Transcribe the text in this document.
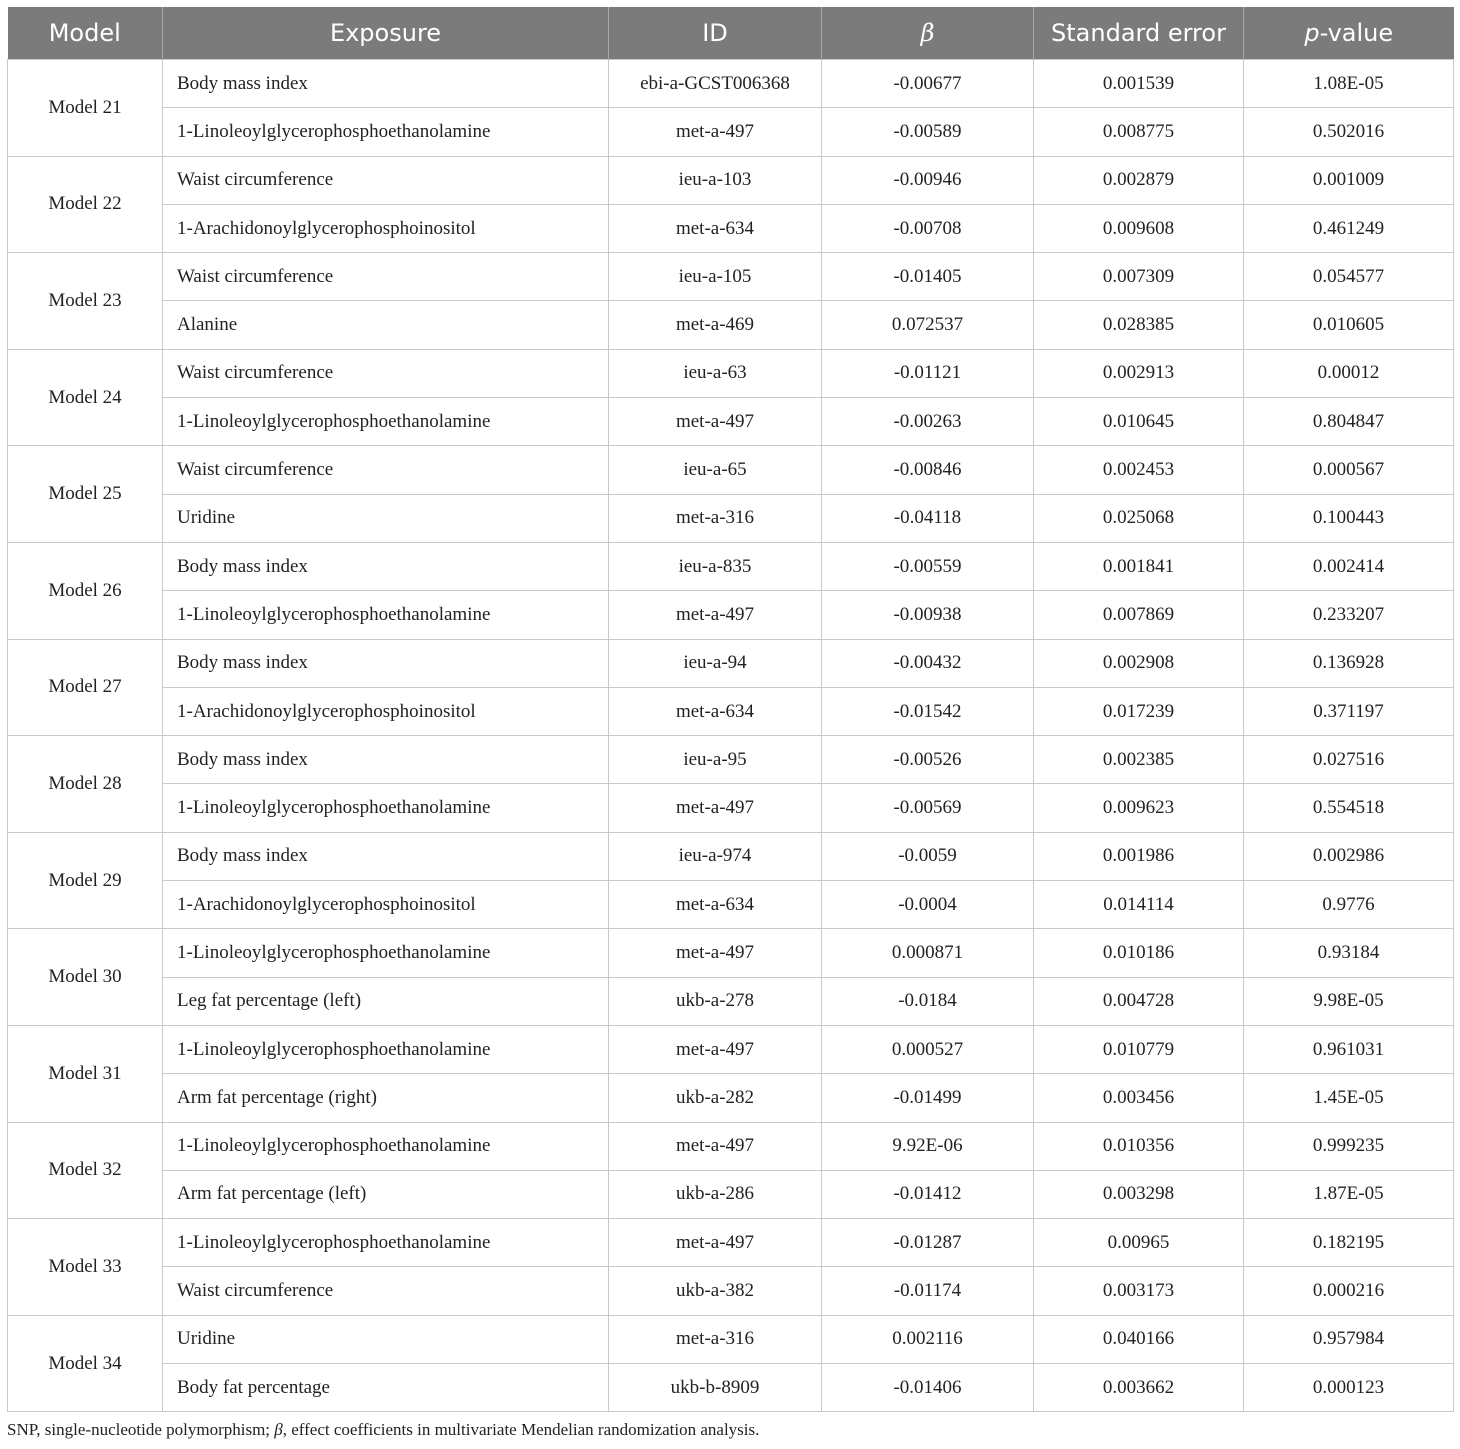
Model	Exposure	ID	β	Standard error	p-value
Model 21	Body mass index	ebi-a-GCST006368	-0.00677	0.001539	1.08E-05
	1-Linoleoylglycerophosphoethanolamine	met-a-497	-0.00589	0.008775	0.502016
Model 22	Waist circumference	ieu-a-103	-0.00946	0.002879	0.001009
	1-Arachidonoylglycerophosphoinositol	met-a-634	-0.00708	0.009608	0.461249
Model 23	Waist circumference	ieu-a-105	-0.01405	0.007309	0.054577
	Alanine	met-a-469	0.072537	0.028385	0.010605
Model 24	Waist circumference	ieu-a-63	-0.01121	0.002913	0.00012
	1-Linoleoylglycerophosphoethanolamine	met-a-497	-0.00263	0.010645	0.804847
Model 25	Waist circumference	ieu-a-65	-0.00846	0.002453	0.000567
	Uridine	met-a-316	-0.04118	0.025068	0.100443
Model 26	Body mass index	ieu-a-835	-0.00559	0.001841	0.002414
	1-Linoleoylglycerophosphoethanolamine	met-a-497	-0.00938	0.007869	0.233207
Model 27	Body mass index	ieu-a-94	-0.00432	0.002908	0.136928
	1-Arachidonoylglycerophosphoinositol	met-a-634	-0.01542	0.017239	0.371197
Model 28	Body mass index	ieu-a-95	-0.00526	0.002385	0.027516
	1-Linoleoylglycerophosphoethanolamine	met-a-497	-0.00569	0.009623	0.554518
Model 29	Body mass index	ieu-a-974	-0.0059	0.001986	0.002986
	1-Arachidonoylglycerophosphoinositol	met-a-634	-0.0004	0.014114	0.9776
Model 30	1-Linoleoylglycerophosphoethanolamine	met-a-497	0.000871	0.010186	0.93184
	Leg fat percentage (left)	ukb-a-278	-0.0184	0.004728	9.98E-05
Model 31	1-Linoleoylglycerophosphoethanolamine	met-a-497	0.000527	0.010779	0.961031
	Arm fat percentage (right)	ukb-a-282	-0.01499	0.003456	1.45E-05
Model 32	1-Linoleoylglycerophosphoethanolamine	met-a-497	9.92E-06	0.010356	0.999235
	Arm fat percentage (left)	ukb-a-286	-0.01412	0.003298	1.87E-05
Model 33	1-Linoleoylglycerophosphoethanolamine	met-a-497	-0.01287	0.00965	0.182195
	Waist circumference	ukb-a-382	-0.01174	0.003173	0.000216
Model 34	Uridine	met-a-316	0.002116	0.040166	0.957984
	Body fat percentage	ukb-b-8909	-0.01406	0.003662	0.000123
SNP, single-nucleotide polymorphism; β, effect coefficients in multivariate Mendelian randomization analysis.
